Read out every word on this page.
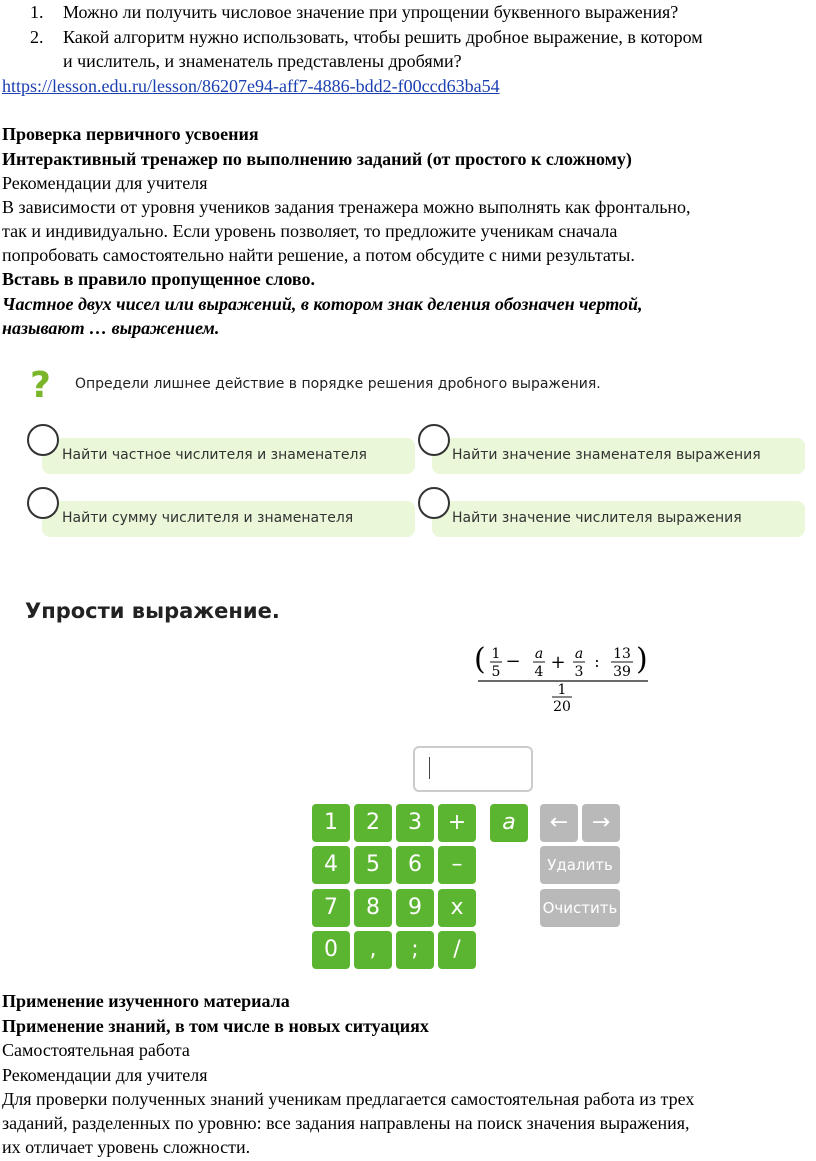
1.	Можно ли получить числовое значение при упрощении буквенного выражения?
2.	Какой алгоритм нужно использовать, чтобы решить дробное выражение, в котором
и числитель, и знаменатель представлены дробями?
https://lesson.edu.ru/lesson/86207e94-aff7-4886-bdd2-f00ccd63ba54
Проверка первичного усвоения
Интерактивный тренажер по выполнению заданий (от простого к сложному)
Рекомендации для учителя
В зависимости от уровня учеников задания тренажера можно выполнять как фронтально,
так и индивидуально. Если уровень позволяет, то предложите ученикам сначала
попробовать самостоятельно найти решение, а потом обсудите с ними результаты.
Вставь в правило пропущенное слово.
Частное двух чисел или выражений, в котором знак деления обозначен чертой,
называют … выражением.
? Определи лишнее действие в порядке решения дробного выражения.
Найти частное числителя и знаменателя	Найти значение знаменателя выражения
Найти сумму числителя и знаменателя	Найти значение числителя выражения
Упрости выражение.
( 1
5 − a
4 + a
3
: 13
39 )
1
20
1	2	3	+	a	←	→
4	5	6	–	Удалить
7	8	9	x	Очистить
0	,	;	/
Применение изученного материала
Применение знаний, в том числе в новых ситуациях
Самостоятельная работа
Рекомендации для учителя
Для проверки полученных знаний ученикам предлагается самостоятельная работа из трех
заданий, разделенных по уровню: все задания направлены на поиск значения выражения,
их отличает уровень сложности.
